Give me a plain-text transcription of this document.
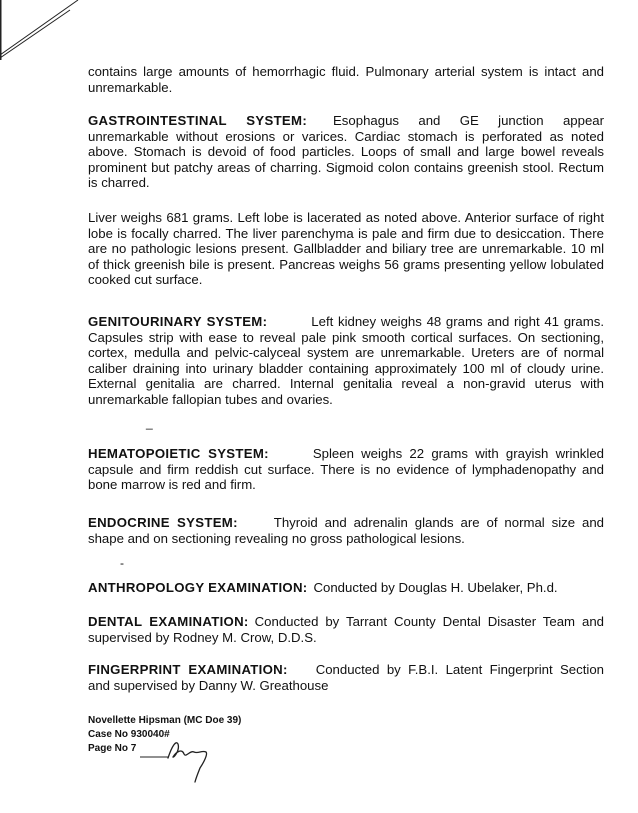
contains large amounts of hemorrhagic fluid. Pulmonary arterial system is intact and unremarkable.

GASTROINTESTINAL SYSTEM: Esophagus and GE junction appear unremarkable without erosions or varices. Cardiac stomach is perforated as noted above. Stomach is devoid of food particles. Loops of small and large bowel reveals prominent but patchy areas of charring. Sigmoid colon contains greenish stool. Rectum is charred.

Liver weighs 681 grams. Left lobe is lacerated as noted above. Anterior surface of right lobe is focally charred. The liver parenchyma is pale and firm due to desiccation. There are no pathologic lesions present. Gallbladder and biliary tree are unremarkable. 10 ml of thick greenish bile is present. Pancreas weighs 56 grams presenting yellow lobulated cooked cut surface.

GENITOURINARY SYSTEM:	Left kidney weighs 48 grams and right 41 grams. Capsules strip with ease to reveal pale pink smooth cortical surfaces. On sectioning, cortex, medulla and pelvic-calyceal system are unremarkable. Ureters are of normal caliber draining into urinary bladder containing approximately 100 ml of cloudy urine. External genitalia are charred. Internal genitalia reveal a non-gravid uterus with unremarkable fallopian tubes and ovaries.

_

HEMATOPOIETIC SYSTEM:	Spleen weighs 22 grams with grayish wrinkled capsule and firm reddish cut surface. There is no evidence of lymphadenopathy and bone marrow is red and firm.

ENDOCRINE SYSTEM:	Thyroid and adrenalin glands are of normal size and shape and on sectioning revealing no gross pathological lesions.

-

ANTHROPOLOGY EXAMINATION: Conducted by Douglas H. Ubelaker, Ph.d.

DENTAL EXAMINATION: Conducted by Tarrant County Dental Disaster Team and supervised by Rodney M. Crow, D.D.S.

FINGERPRINT EXAMINATION: Conducted by F.B.I. Latent Fingerprint Section and supervised by Danny W. Greathouse

Novellette Hipsman (MC Doe 39)
Case No 930040#
Page No 7
